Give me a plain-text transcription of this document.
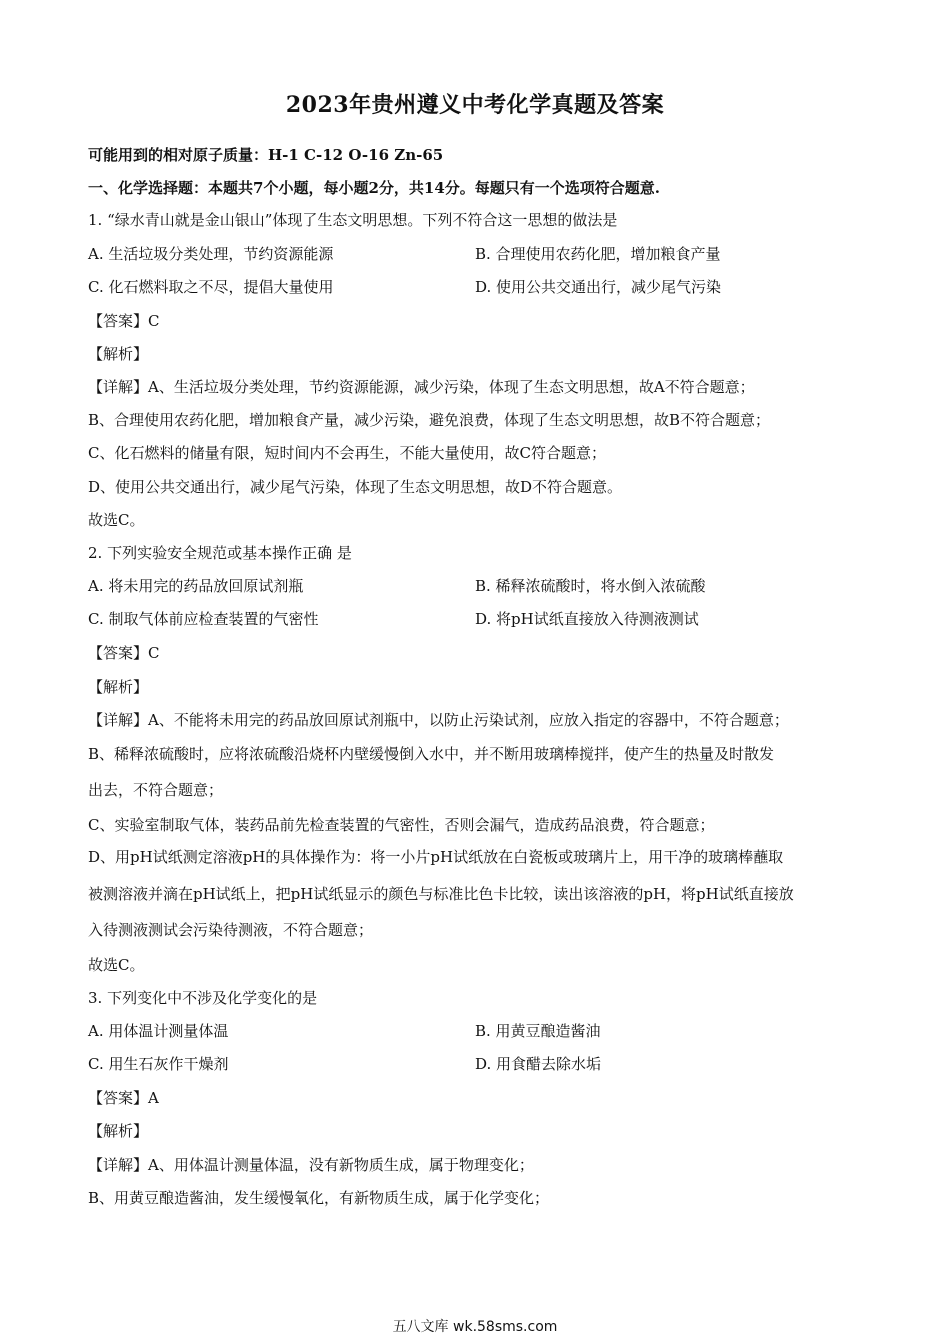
2023年贵州遵义中考化学真题及答案
可能用到的相对原子质量：H-1 C-12 O-16 Zn-65
一、化学选择题：本题共7个小题，每小题2分，共14分。每题只有一个选项符合题意.
1. “绿水青山就是金山银山”体现了生态文明思想。下列不符合这一思想的做法是
A. 生活垃圾分类处理，节约资源能源	B. 合理使用农药化肥，增加粮食产量
C. 化石燃料取之不尽，提倡大量使用	D. 使用公共交通出行，减少尾气污染
【答案】C
【解析】
【详解】A、生活垃圾分类处理，节约资源能源，减少污染，体现了生态文明思想，故A不符合题意；
B、合理使用农药化肥，增加粮食产量，减少污染，避免浪费，体现了生态文明思想，故B不符合题意；
C、化石燃料的储量有限，短时间内不会再生，不能大量使用，故C符合题意；
D、使用公共交通出行，减少尾气污染，体现了生态文明思想，故D不符合题意。
故选C。
2. 下列实验安全规范或基本操作正确 是
A. 将未用完的药品放回原试剂瓶	B. 稀释浓硫酸时，将水倒入浓硫酸
C. 制取气体前应检查装置的气密性	D. 将pH试纸直接放入待测液测试
【答案】C
【解析】
【详解】A、不能将未用完的药品放回原试剂瓶中，以防止污染试剂，应放入指定的容器中，不符合题意；
B、稀释浓硫酸时，应将浓硫酸沿烧杯内壁缓慢倒入水中，并不断用玻璃棒搅拌，使产生的热量及时散发
出去，不符合题意；
C、实验室制取气体，装药品前先检查装置的气密性，否则会漏气，造成药品浪费，符合题意；
D、用pH试纸测定溶液pH的具体操作为：将一小片pH试纸放在白瓷板或玻璃片上，用干净的玻璃棒蘸取
被测溶液并滴在pH试纸上，把pH试纸显示的颜色与标准比色卡比较，读出该溶液的pH，将pH试纸直接放
入待测液测试会污染待测液，不符合题意；
故选C。
3. 下列变化中不涉及化学变化的是
A. 用体温计测量体温	B. 用黄豆酿造酱油
C. 用生石灰作干燥剂	D. 用食醋去除水垢
【答案】A
【解析】
【详解】A、用体温计测量体温，没有新物质生成，属于物理变化；
B、用黄豆酿造酱油，发生缓慢氧化，有新物质生成，属于化学变化；
五八文库 wk.58sms.com
